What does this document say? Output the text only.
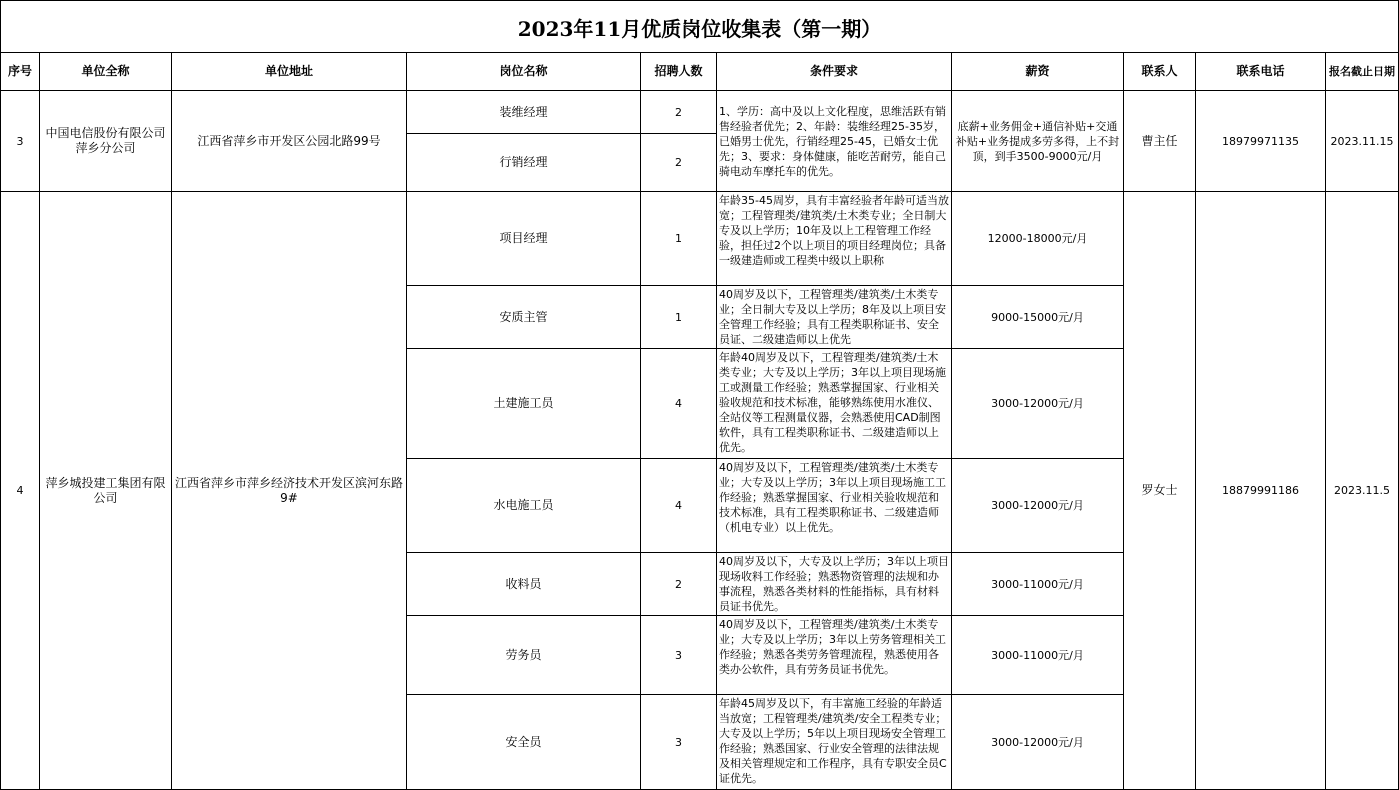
2023年11月优质岗位收集表（第一期）
序号	单位全称	单位地址	岗位名称	招聘人数	条件要求	薪资	联系人	联系电话	报名截止日期
3	中国电信股份有限公司萍乡分公司	江西省萍乡市开发区公园北路99号	装维经理	2	1、学历：高中及以上文化程度，思维活跃有销售经验者优先；2、年龄：装维经理25-35岁，已婚男士优先，行销经理25-45，已婚女士优先；3、要求：身体健康，能吃苦耐劳，能自己骑电动车摩托车的优先。	底薪+业务佣金+通信补贴+交通补贴+业务提成多劳多得，上不封顶，到手3500-9000元/月	曹主任	18979971135	2023.11.15
			行销经理	2					
4	萍乡城投建工集团有限公司	江西省萍乡市萍乡经济技术开发区滨河东路9#	项目经理	1	年龄35-45周岁，具有丰富经验者年龄可适当放宽；工程管理类/建筑类/土木类专业；全日制大专及以上学历；10年及以上工程管理工作经验，担任过2个以上项目的项目经理岗位；具备一级建造师或工程类中级以上职称	12000-18000元/月	罗女士	18879991186	2023.11.5
			安质主管	1	40周岁及以下，工程管理类/建筑类/土木类专业；全日制大专及以上学历；8年及以上项目安全管理工作经验；具有工程类职称证书、安全员证、二级建造师以上优先	9000-15000元/月			
			土建施工员	4	年龄40周岁及以下，工程管理类/建筑类/土木类专业；大专及以上学历；3年以上项目现场施工或测量工作经验；熟悉掌握国家、行业相关验收规范和技术标准，能够熟练使用水准仪、全站仪等工程测量仪器，会熟悉使用CAD制图软件，具有工程类职称证书、二级建造师以上优先。	3000-12000元/月			
			水电施工员	4	40周岁及以下，工程管理类/建筑类/土木类专业；大专及以上学历；3年以上项目现场施工工作经验；熟悉掌握国家、行业相关验收规范和技术标准，具有工程类职称证书、二级建造师（机电专业）以上优先。	3000-12000元/月			
			收料员	2	40周岁及以下，大专及以上学历；3年以上项目现场收料工作经验；熟悉物资管理的法规和办事流程，熟悉各类材料的性能指标，具有材料员证书优先。	3000-11000元/月			
			劳务员	3	40周岁及以下，工程管理类/建筑类/土木类专业；大专及以上学历；3年以上劳务管理相关工作经验；熟悉各类劳务管理流程，熟悉使用各类办公软件，具有劳务员证书优先。	3000-11000元/月			
			安全员	3	年龄45周岁及以下，有丰富施工经验的年龄适当放宽；工程管理类/建筑类/安全工程类专业；大专及以上学历；5年以上项目现场安全管理工作经验；熟悉国家、行业安全管理的法律法规及相关管理规定和工作程序，具有专职安全员C证优先。	3000-12000元/月			
